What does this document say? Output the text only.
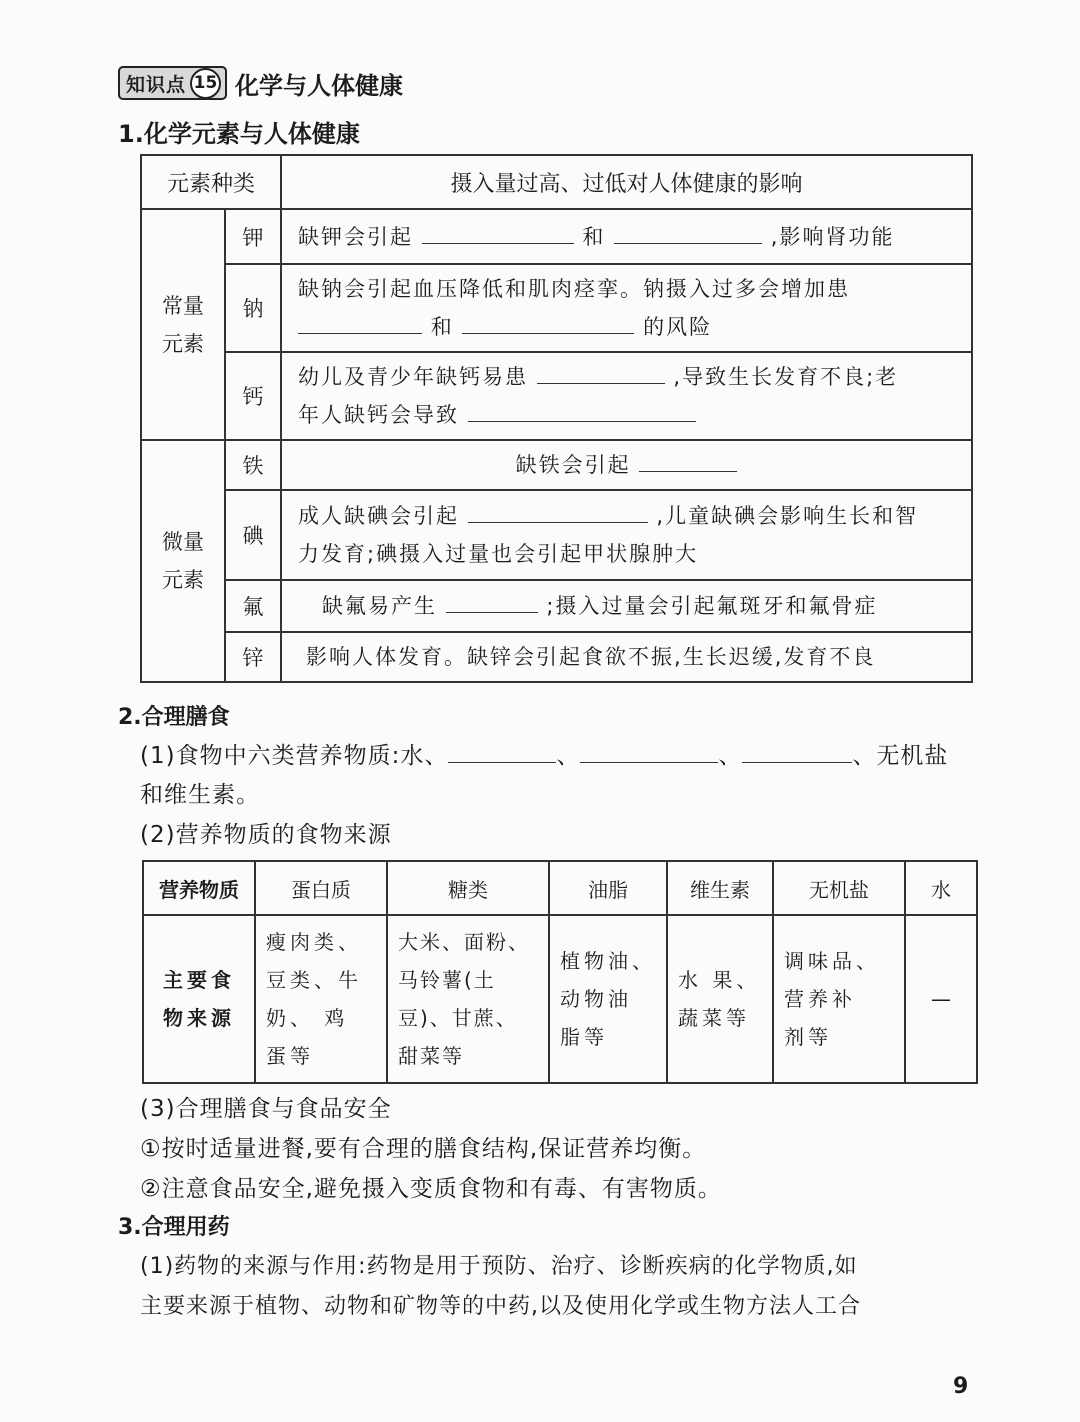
知识点 15 化学与人体健康
1.化学元素与人体健康
元素种类		摄入量过高、过低对人体健康的影响
常量
元素	钾	缺钾会引起 和 ,影响肾功能
	钠	缺钠会引起血压降低和肌肉痉挛。钠摄入过多会增加患
和 的风险
	钙	幼儿及青少年缺钙易患 ,导致生长发育不良;老
年人缺钙会导致
微量
元素	铁	缺铁会引起
	碘	成人缺碘会引起 ,儿童缺碘会影响生长和智
力发育;碘摄入过量也会引起甲状腺肿大
	氟	缺氟易产生 ;摄入过量会引起氟斑牙和氟骨症
	锌	影响人体发育。缺锌会引起食欲不振,生长迟缓,发育不良
2.合理膳食
(1)食物中六类营养物质:水、	、	、	、无机盐
和维生素。
(2)营养物质的食物来源
营养物质	蛋白质	糖类	油脂	维生素	无机盐	水
主要食
物来源	瘦肉类、
豆类、牛
奶、 鸡
蛋等	大米、面粉、
马铃薯(土
豆)、甘蔗、
甜菜等	植物油、
动物油
脂等	水 果、
蔬菜等	调味品、
营养补
剂等	—
(3)合理膳食与食品安全
①按时适量进餐,要有合理的膳食结构,保证营养均衡。
②注意食品安全,避免摄入变质食物和有毒、有害物质。
3.合理用药
(1)药物的来源与作用:药物是用于预防、治疗、诊断疾病的化学物质,如
主要来源于植物、动物和矿物等的中药,以及使用化学或生物方法人工合
9
